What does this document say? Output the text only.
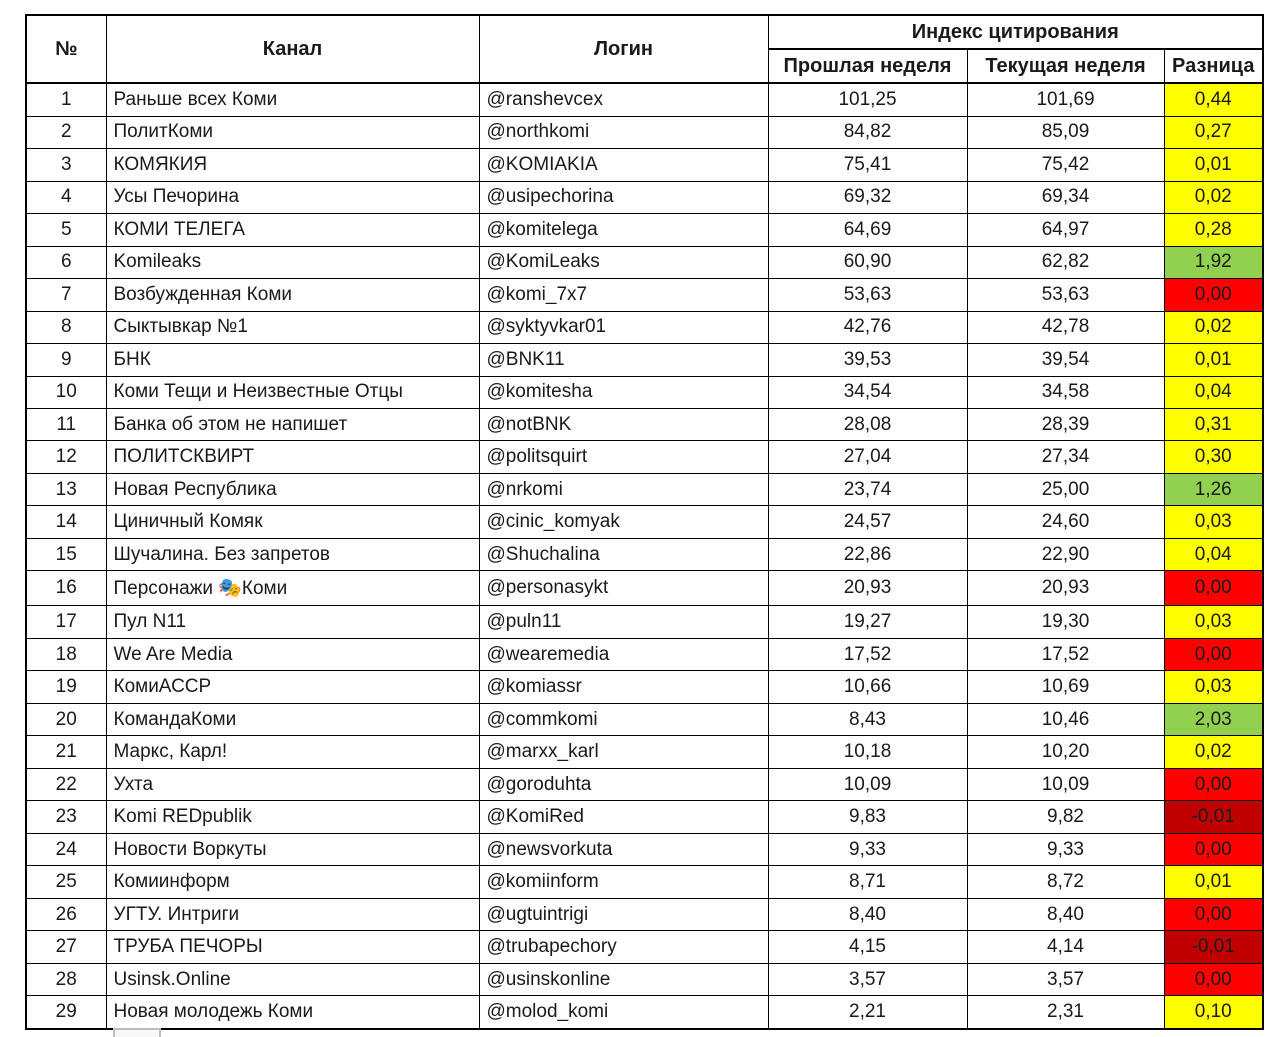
№	Канал	Логин	Индекс цитирования		
			Прошлая неделя	Текущая неделя	Разница
1	Раньше всех Коми	@ranshevcex	101,25	101,69	0,44
2	ПолитКоми	@northkomi	84,82	85,09	0,27
3	КОМЯКИЯ	@KOMIAKIA	75,41	75,42	0,01
4	Усы Печорина	@usipechorina	69,32	69,34	0,02
5	КОМИ ТЕЛЕГА	@komitelega	64,69	64,97	0,28
6	Komileaks	@KomiLeaks	60,90	62,82	1,92
7	Возбужденная Коми	@komi_7x7	53,63	53,63	0,00
8	Сыктывкар №1	@syktyvkar01	42,76	42,78	0,02
9	БНК	@BNK11	39,53	39,54	0,01
10	Коми Тещи и Неизвестные Отцы	@komitesha	34,54	34,58	0,04
11	Банка об этом не напишет	@notBNK	28,08	28,39	0,31
12	ПОЛИТСКВИРТ	@politsquirt	27,04	27,34	0,30
13	Новая Республика	@nrkomi	23,74	25,00	1,26
14	Циничный Комяк	@cinic_komyak	24,57	24,60	0,03
15	Шучалина. Без запретов	@Shuchalina	22,86	22,90	0,04
16	Персонажи 🎭Коми	@personasykt	20,93	20,93	0,00
17	Пул N11	@puln11	19,27	19,30	0,03
18	We Are Media	@wearemedia	17,52	17,52	0,00
19	КомиАССР	@komiassr	10,66	10,69	0,03
20	КомандаКоми	@commkomi	8,43	10,46	2,03
21	Маркс, Карл!	@marxx_karl	10,18	10,20	0,02
22	Ухта	@goroduhta	10,09	10,09	0,00
23	Komi REDpublik	@KomiRed	9,83	9,82	-0,01
24	Новости Воркуты	@newsvorkuta	9,33	9,33	0,00
25	Комиинформ	@komiinform	8,71	8,72	0,01
26	УГТУ. Интриги	@ugtuintrigi	8,40	8,40	0,00
27	ТРУБА ПЕЧОРЫ	@trubapechory	4,15	4,14	-0,01
28	Usinsk.Online	@usinskonline	3,57	3,57	0,00
29	Новая молодежь Коми	@molod_komi	2,21	2,31	0,10
